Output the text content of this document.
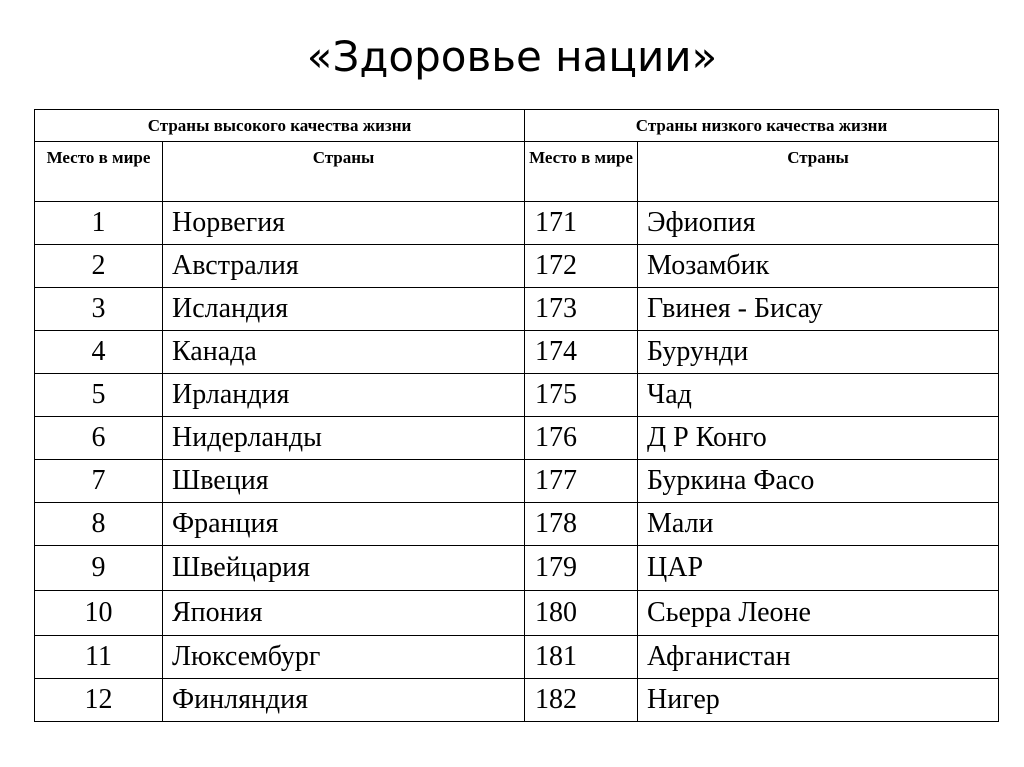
«Здоровье нации»
Страны высокого качества жизни		Страны низкого качества жизни	
Место в мире	Страны	Место в мире	Страны
1	Норвегия	171	Эфиопия
2	Австралия	172	Мозамбик
3	Исландия	173	Гвинея - Бисау
4	Канада	174	Бурунди
5	Ирландия	175	Чад
6	Нидерланды	176	Д Р Конго
7	Швеция	177	Буркина Фасо
8	Франция	178	Мали
9	Швейцария	179	ЦАР
10	Япония	180	Сьерра Леоне
11	Люксембург	181	Афганистан
12	Финляндия	182	Нигер
